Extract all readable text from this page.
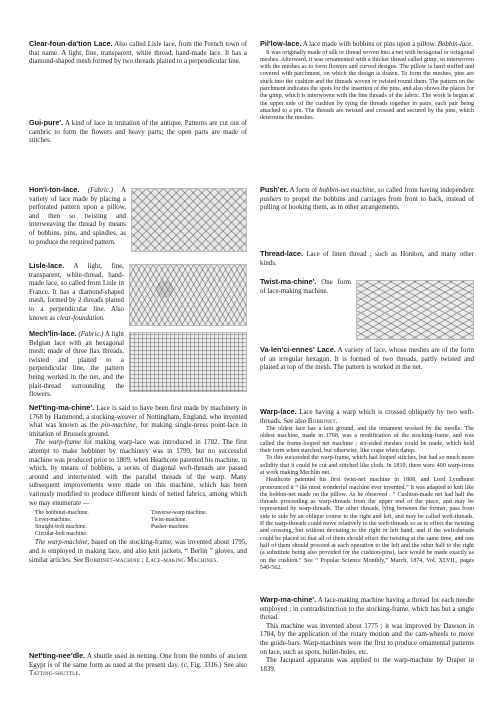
Clear-foun-da'tion Lace. Also called Lisle lace, from the French town of that name. A light, fine, transparent, white thread, hand-made lace. It has a diamond-shaped mesh formed by two threads plaited to a perpendicular line.

Gui-pure'. A kind of lace in imitation of the antique. Patterns are cut out of cambric to form the flowers and heavy parts; the open parts are made of stitches.

Hon'i-ton-lace. (Fabric.) A variety of lace made by placing a perforated pattern upon a pillow, and then so twisting and interweaving the thread by means of bobbins, pins, and spindles, as to produce the required pattern.

Lisle-lace. A light, fine, transparent, white-thread, hand-made lace, so called from Lisle in France. It has a diamond-shaped mesh, formed by 2 threads plaited to a perpendicular line. Also known as clear-foundation.

Mech'lin-lace. (Fabric.) A light Belgian lace with an hexagonal mesh; made of three flax threads, twisted and plaited to a perpendicular line, the pattern being worked in the net, and the plait-thread surrounding the flowers.

Net'ting-ma-chine'. Lace is said to have been first made by machinery in 1768 by Hammond, a stocking-weaver of Nottingham, England, who invented what was known as the pin-machine, for making single-press point-lace in imitation of Brussels ground.

The warp-frame for making warp-lace was introduced in 1782. The first attempt to make bobbinet by machinery was in 1799, but no successful machine was produced prior to 1809, when Heathcote patented his machine, in which, by means of bobbins, a series of diagonal weft-threads are passed around and intertwisted with the parallel threads of the warp. Many subsequent improvements were made on this machine, which has been variously modified to produce different kinds of netted fabrics, among which we may enumerate —

The bobbinet-machine.	Traverse-warp machine.
Lever-machine.	Twist-machine.
Straight-bolt machine.	Pusher-machine.
Circular-bolt machine.

The warp-machine, based on the stocking-frame, was invented about 1795, and is employed in making lace, and also knit jackets, “ Berlin ” gloves, and similar articles. See Bobbinet-machine ; Lace-making Machines.

Net'ting-nee'dle. A shuttle used in netting. One from the tombs of ancient Egypt is of the same form as used at the present day. (c, Fig. 3316.) See also Tatting-shuttle.

Pil'low-lace. A lace made with bobbins or pins upon a pillow. Bobbin-lace.

It was originally made of silk or thread woven into a net with hexagonal or octagonal meshes. Afterward, it was ornamented with a thicker thread called gimp, so interwoven with the meshes as to form flowers and curved designs. The pillow is hard stuffed and covered with parchment, on which the design is drawn. To form the meshes, pins are stuck into the cushion and the threads woven or twisted round them. The pattern on the parchment indicates the spots for the insertion of the pins, and also shows the places for the gimp, which is interwoven with the fine threads of the fabric. The work is begun at the upper side of the cushion by tying the threads together in pairs, each pair being attached to a pin. The threads are twisted and crossed and secured by the pins, which determine the meshes.

Push'er. A form of bobbin-net machine, so called from having independent pushers to propel the bobbins and carriages from front to back, instead of pulling or hooking them, as in other arrangements.

Thread-lace. Lace of linen thread ; such as Honiton, and many other kinds.

Twist-ma-chine'. One form of lace-making machine.

Va-len'ci-ennes' Lace. A variety of lace, whose meshes are of the form of an irregular hexagon. It is formed of two threads, partly twisted and plaited at top of the mesh. The pattern is worked in the net.

Warp-lace. Lace having a warp which is crossed obliquely by two weft-threads. See also Bobbinet.

The oldest lace has a knit ground, and the ornament worked by the needle. The oldest machine, made in 1768, was a modification of the stocking-frame, and was called the frame-looped net machine ; six-sided meshes could be made, which held their form when starched, but otherwise, like crape when damp.

To this succeeded the warp-frame, which had looped stitches, but had so much more solidity that it could be cut and stitched like cloth. In 1810, there were 400 warp-irons at work making Mechlin net.

Heathcote patented his first twist-net machine in 1808, and Lord Lyndhurst pronounced it “ the most wonderful machine ever invented.” It was adapted to knit like the bobbin-net made on the pillow. As he observed : “ Cushion-made net had half the threads proceeding as warp-threads from the upper end of the piece, and may be represented by warp-threads. The other threads, lying between the former, pass from side to side by an oblique course to the right and left, and may be called weft-threads. If the warp-threads could move relatively to the weft-threads so as to effect the twisting and crossing, but without deviating to the right or left hand, and if the weft-threads could be placed so that all of them should effect the twisting at the same time, and one half of them should proceed at each operation to the left and the other half to the right (a substitute being also provided for the cushion-pins), lace would be made exactly as on the cushion.” See “ Popular Science Monthly,” March, 1874, Vol. XLVII., pages 540-562.

Warp-ma-chine'. A lace-making machine having a thread for each needle employed ; in contradistinction to the stocking-frame, which has but a single thread.

This machine was invented about 1775 ; it was improved by Dawson in 1784, by the application of the rotary motion and the cam-wheels to move the guide-bars. Warp-machines were the first to produce ornamental patterns on lace, such as spots, bullet-holes, etc.

The Jacquard apparatus was applied to the warp-machine by Draper in 1839.
